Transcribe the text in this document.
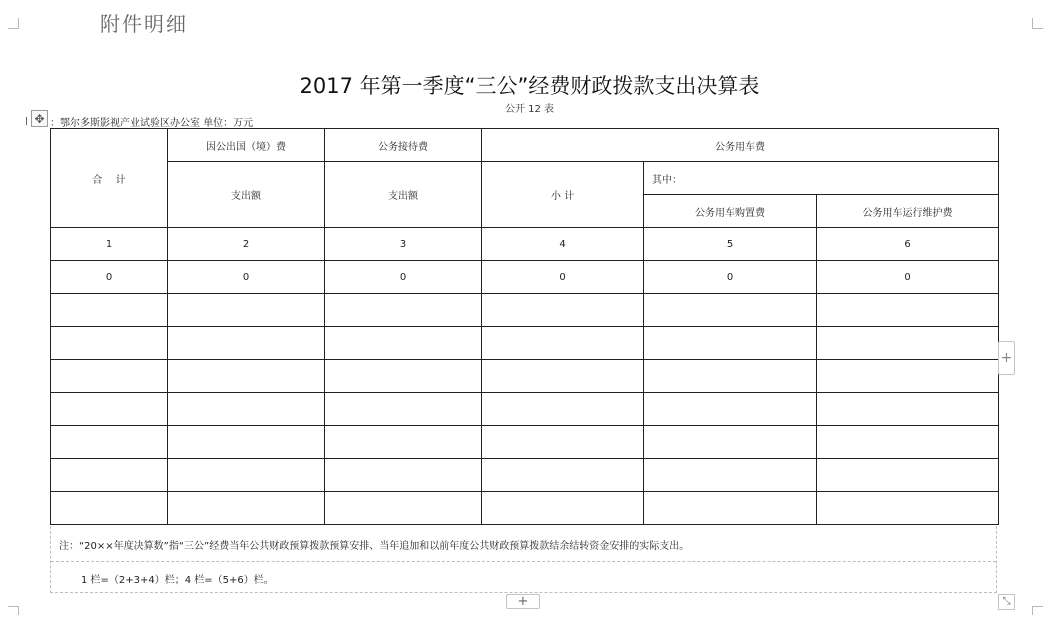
附件明细
2017 年第一季度“三公”经费财政拨款支出决算表
公开 12 表
✥ ：鄂尔多斯影视产业试验区办公室 单位：万元
合　 计	因公出国（境）费	公务接待费	公务用车费		
	支出额	支出额	小 计	其中：	
				公务用车购置费	公务用车运行维护费
1	2	3	4	5	6
0	0	0	0	0	0

注：“20××年度决算数”指“三公”经费当年公共财政预算拨款预算安排、当年追加和以前年度公共财政预算拨款结余结转资金安排的实际支出。
1 栏=（2+3+4）栏；4 栏=（5+6）栏。
+
+	⤡
